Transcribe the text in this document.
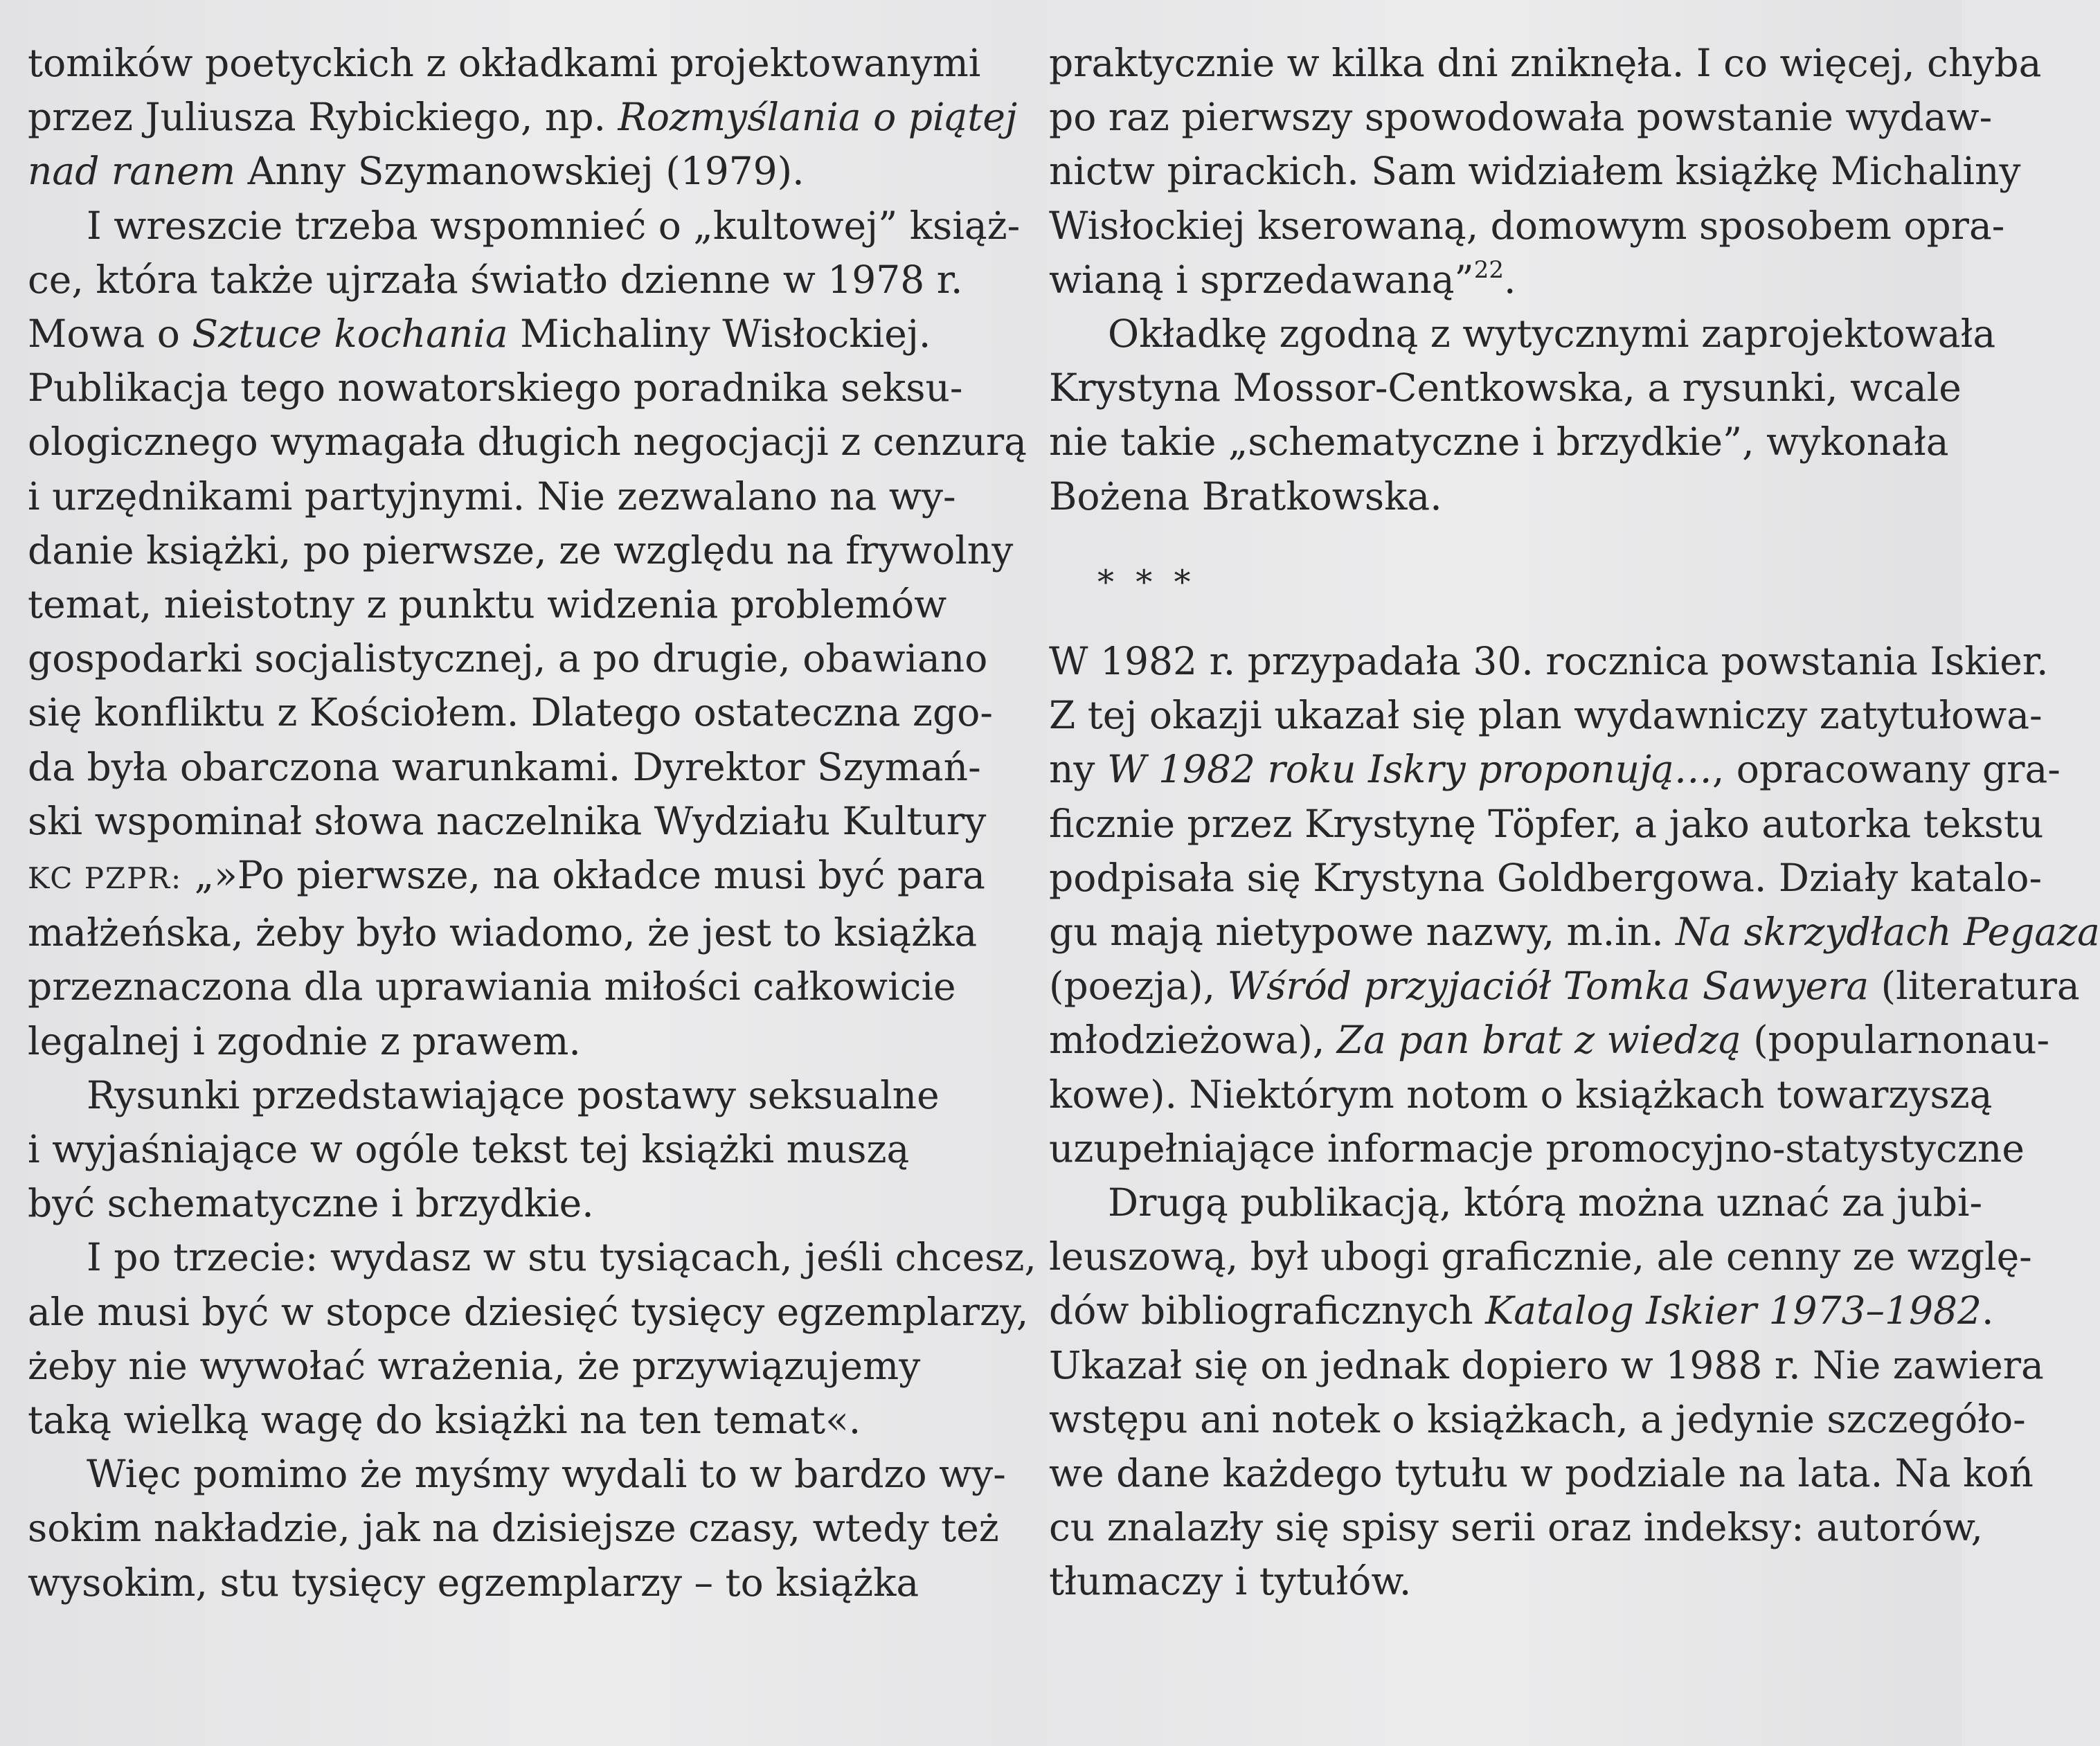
tomików poetyckich z okładkami projektowanymi
przez Juliusza Rybickiego, np. Rozmyślania o piątej
nad ranem Anny Szymanowskiej (1979).
I wreszcie trzeba wspomnieć o „kultowej” książ-
ce, która także ujrzała światło dzienne w 1978 r.
Mowa o Sztuce kochania Michaliny Wisłockiej.
Publikacja tego nowatorskiego poradnika seksu-
ologicznego wymagała długich negocjacji z cenzurą
i urzędnikami partyjnymi. Nie zezwalano na wy-
danie książki, po pierwsze, ze względu na frywolny
temat, nieistotny z punktu widzenia problemów
gospodarki socjalistycznej, a po drugie, obawiano
się konfliktu z Kościołem. Dlatego ostateczna zgo-
da była obarczona warunkami. Dyrektor Szymań-
ski wspominał słowa naczelnika Wydziału Kultury
KC PZPR: „»Po pierwsze, na okładce musi być para
małżeńska, żeby było wiadomo, że jest to książka
przeznaczona dla uprawiania miłości całkowicie
legalnej i zgodnie z prawem.
Rysunki przedstawiające postawy seksualne
i wyjaśniające w ogóle tekst tej książki muszą
być schematyczne i brzydkie.
I po trzecie: wydasz w stu tysiącach, jeśli chcesz,
ale musi być w stopce dziesięć tysięcy egzemplarzy,
żeby nie wywołać wrażenia, że przywiązujemy
taką wielką wagę do książki na ten temat«.
Więc pomimo że myśmy wydali to w bardzo wy-
sokim nakładzie, jak na dzisiejsze czasy, wtedy też
wysokim, stu tysięcy egzemplarzy – to książka
praktycznie w kilka dni zniknęła. I co więcej, chyba
po raz pierwszy spowodowała powstanie wydaw-
nictw pirackich. Sam widziałem książkę Michaliny
Wisłockiej kserowaną, domowym sposobem opra-
wianą i sprzedawaną”$^{22}$.
Okładkę zgodną z wytycznymi zaprojektowała
Krystyna Mossor-Centkowska, a rysunki, wcale
nie takie „schematyczne i brzydkie”, wykonała
Bożena Bratkowska.
* * *
W 1982 r. przypadała 30. rocznica powstania Iskier.
Z tej okazji ukazał się plan wydawniczy zatytułowa-
ny W 1982 roku Iskry proponują…, opracowany gra-
ficznie przez Krystynę Töpfer, a jako autorka tekstu
podpisała się Krystyna Goldbergowa. Działy katalo-
gu mają nietypowe nazwy, m.in. Na skrzydłach Pegaza
(poezja), Wśród przyjaciół Tomka Sawyera (literatura
młodzieżowa), Za pan brat z wiedzą (popularnonau-
kowe). Niektórym notom o książkach towarzyszą
uzupełniające informacje promocyjno-statystyczne
Drugą publikacją, którą można uznać za jubi-
leuszową, był ubogi graficznie, ale cenny ze wzglę-
dów bibliograficznych Katalog Iskier 1973–1982.
Ukazał się on jednak dopiero w 1988 r. Nie zawiera
wstępu ani notek o książkach, a jedynie szczegóło-
we dane każdego tytułu w podziale na lata. Na koń
cu znalazły się spisy serii oraz indeksy: autorów,
tłumaczy i tytułów.
